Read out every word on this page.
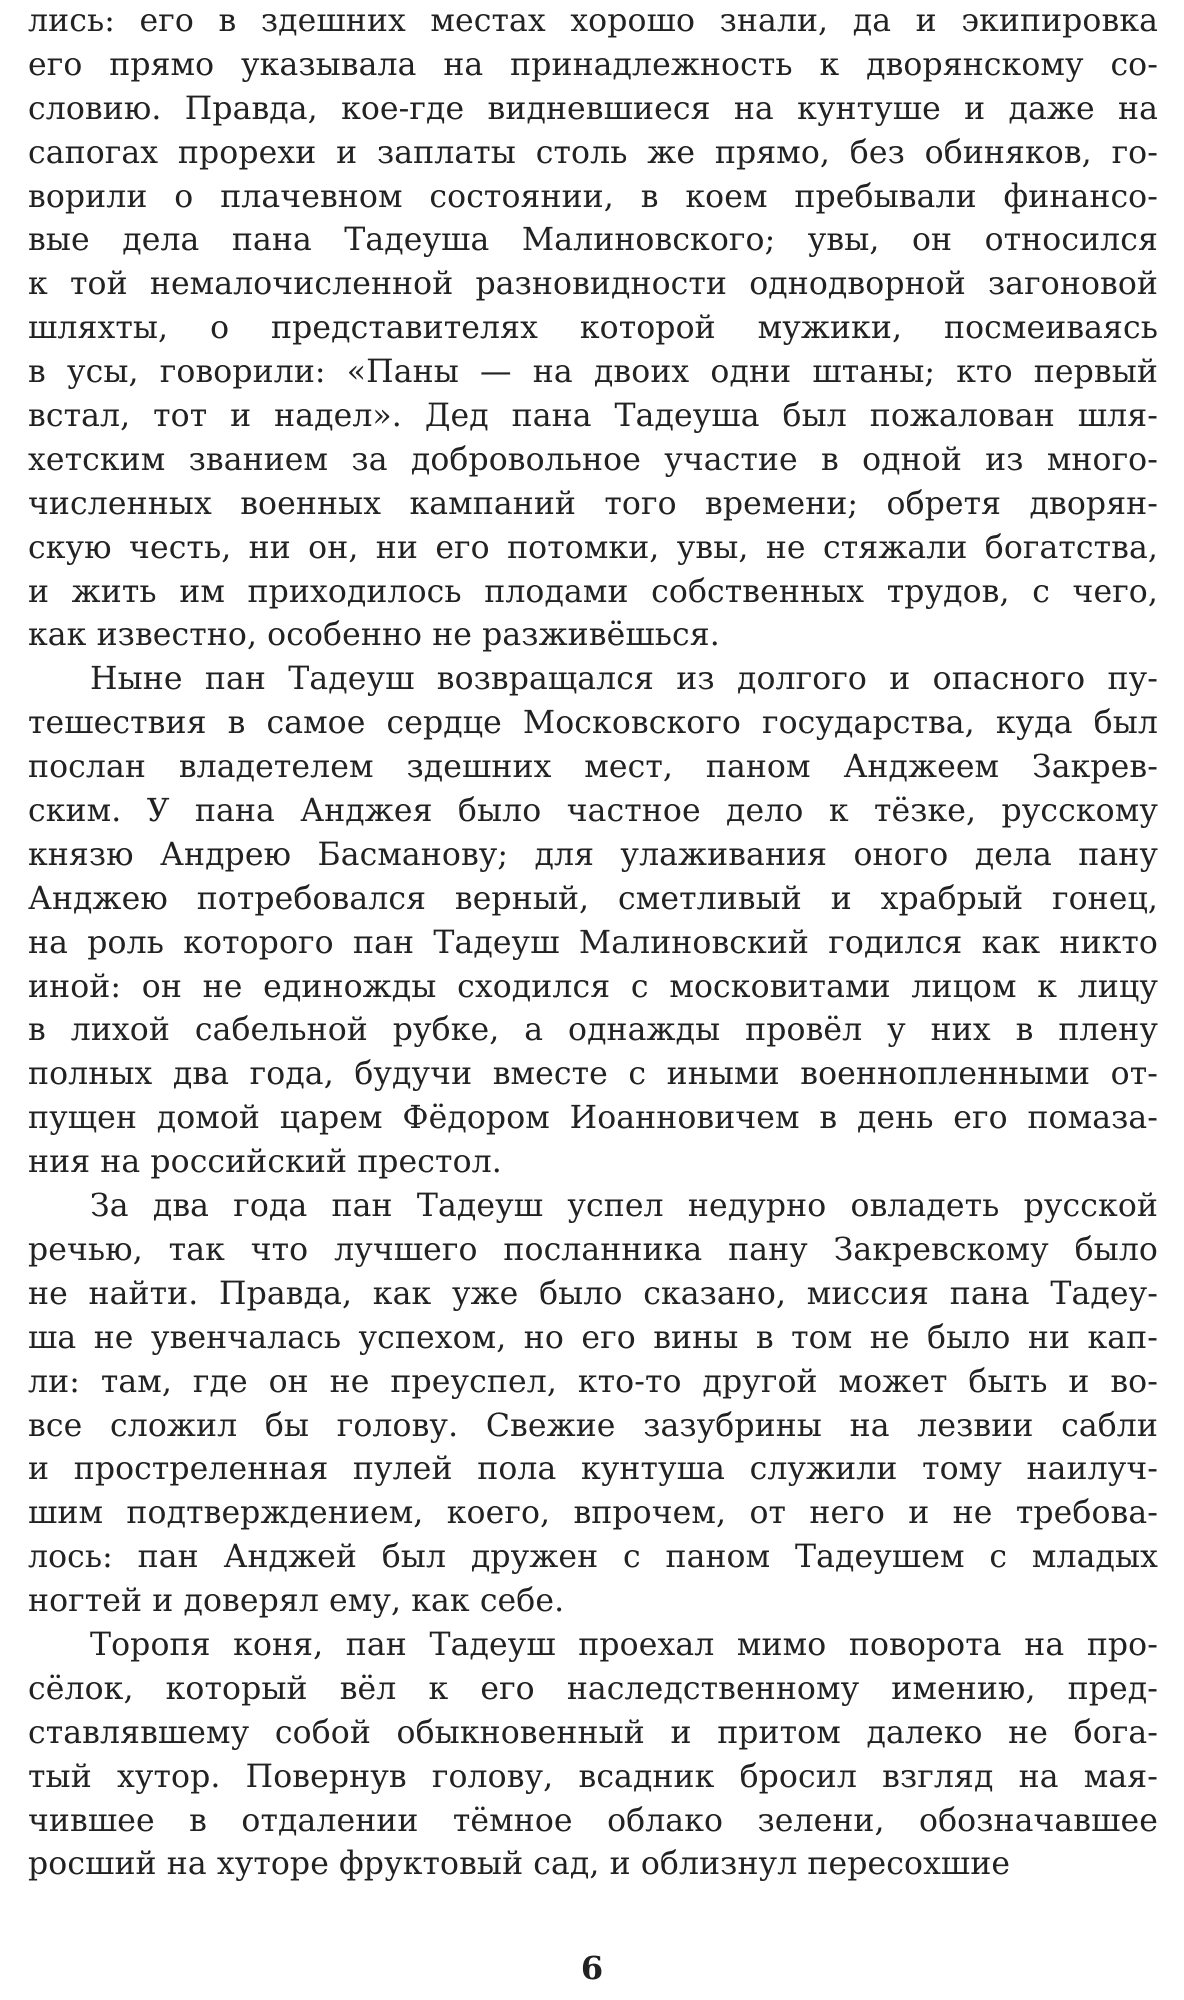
лись: его в здешних местах хорошо знали, да и экипировка
его прямо указывала на принадлежность к дворянскому со-
словию. Правда, кое-где видневшиеся на кунтуше и даже на
сапогах прорехи и заплаты столь же прямо, без обиняков, го-
ворили о плачевном состоянии, в коем пребывали финансо-
вые дела пана Тадеуша Малиновского; увы, он относился
к той немалочисленной разновидности однодворной загоновой
шляхты, о представителях которой мужики, посмеиваясь
в усы, говорили: «Паны — на двоих одни штаны; кто первый
встал, тот и надел». Дед пана Тадеуша был пожалован шля-
хетским званием за добровольное участие в одной из много-
численных военных кампаний того времени; обретя дворян-
скую честь, ни он, ни его потомки, увы, не стяжали богатства,
и жить им приходилось плодами собственных трудов, с чего,
как известно, особенно не разживёшься.
Ныне пан Тадеуш возвращался из долгого и опасного пу-
тешествия в самое сердце Московского государства, куда был
послан владетелем здешних мест, паном Анджеем Закрев-
ским. У пана Анджея было частное дело к тёзке, русскому
князю Андрею Басманову; для улаживания оного дела пану
Анджею потребовался верный, сметливый и храбрый гонец,
на роль которого пан Тадеуш Малиновский годился как никто
иной: он не единожды сходился с московитами лицом к лицу
в лихой сабельной рубке, а однажды провёл у них в плену
полных два года, будучи вместе с иными военнопленными от-
пущен домой царем Фёдором Иоанновичем в день его помаза-
ния на российский престол.
За два года пан Тадеуш успел недурно овладеть русской
речью, так что лучшего посланника пану Закревскому было
не найти. Правда, как уже было сказано, миссия пана Тадеу-
ша не увенчалась успехом, но его вины в том не было ни кап-
ли: там, где он не преуспел, кто-то другой может быть и во-
все сложил бы голову. Свежие зазубрины на лезвии сабли
и простреленная пулей пола кунтуша служили тому наилуч-
шим подтверждением, коего, впрочем, от него и не требова-
лось: пан Анджей был дружен с паном Тадеушем с младых
ногтей и доверял ему, как себе.
Торопя коня, пан Тадеуш проехал мимо поворота на про-
сёлок, который вёл к его наследственному имению, пред-
ставлявшему собой обыкновенный и притом далеко не бога-
тый хутор. Повернув голову, всадник бросил взгляд на мая-
чившее в отдалении тёмное облако зелени, обозначавшее
росший на хуторе фруктовый сад, и облизнул пересохшие
6
